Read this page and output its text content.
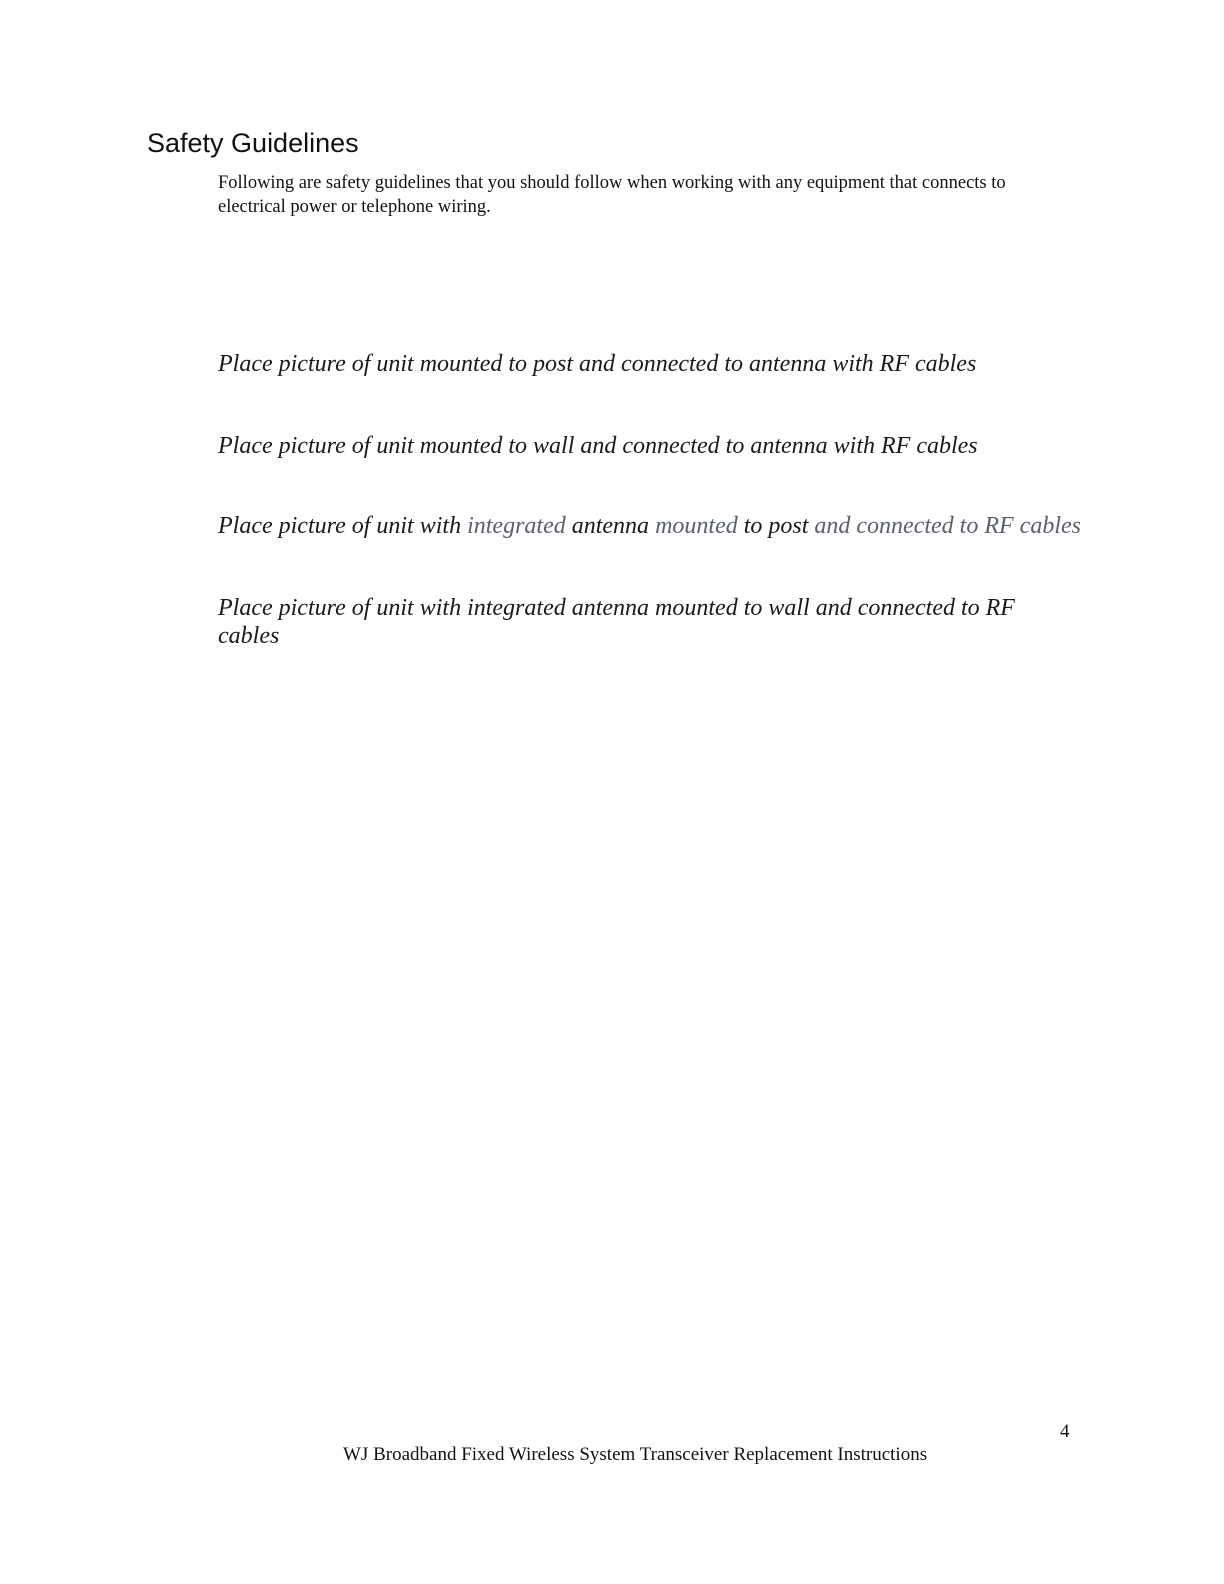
Safety Guidelines

Following are safety guidelines that you should follow when working with any equipment that connects to electrical power or telephone wiring.

Place picture of unit mounted to post and connected to antenna with RF cables

Place picture of unit mounted to wall and connected to antenna with RF cables

Place picture of unit with integrated antenna mounted to post and connected to RF cables

Place picture of unit with integrated antenna mounted to wall and connected to RF cables

4

WJ Broadband Fixed Wireless System Transceiver Replacement Instructions
